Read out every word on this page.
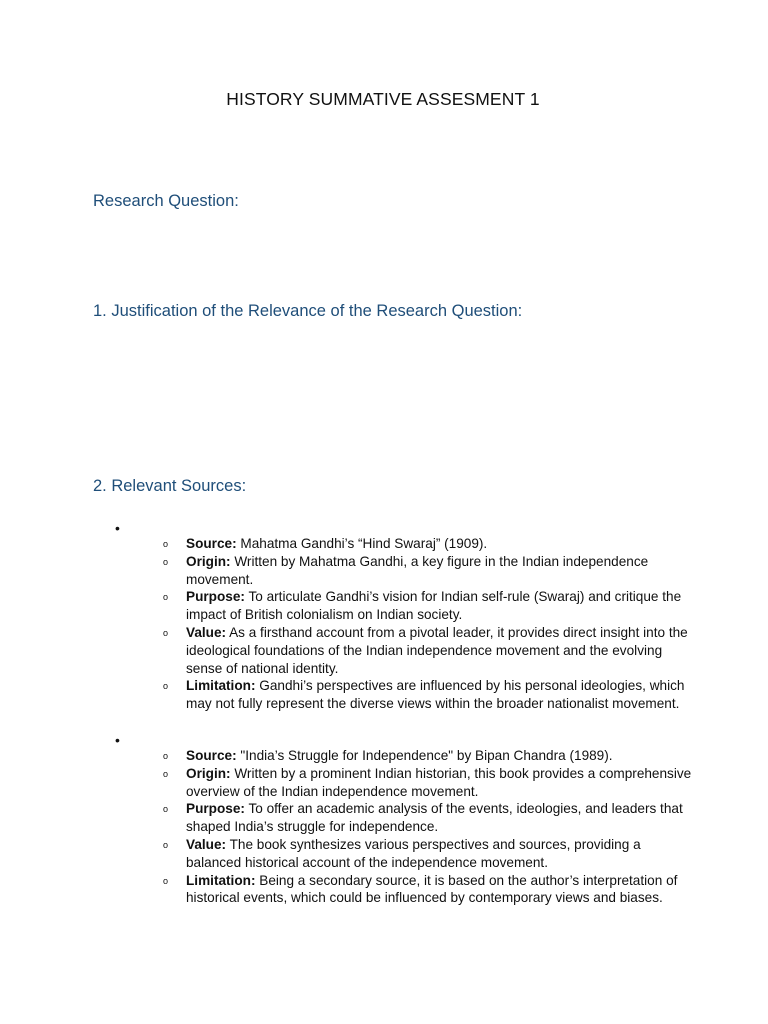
HISTORY SUMMATIVE ASSESMENT 1
Research Question:
1. Justification of the Relevance of the Research Question:
2. Relevant Sources:
•
o Source: Mahatma Gandhi’s “Hind Swaraj” (1909).
o Origin: Written by Mahatma Gandhi, a key figure in the Indian independence movement.
o Purpose: To articulate Gandhi’s vision for Indian self-rule (Swaraj) and critique the impact of British colonialism on Indian society.
o Value: As a firsthand account from a pivotal leader, it provides direct insight into the ideological foundations of the Indian independence movement and the evolving sense of national identity.
o Limitation: Gandhi’s perspectives are influenced by his personal ideologies, which may not fully represent the diverse views within the broader nationalist movement.
•
o Source: "India’s Struggle for Independence" by Bipan Chandra (1989).
o Origin: Written by a prominent Indian historian, this book provides a comprehensive overview of the Indian independence movement.
o Purpose: To offer an academic analysis of the events, ideologies, and leaders that shaped India’s struggle for independence.
o Value: The book synthesizes various perspectives and sources, providing a balanced historical account of the independence movement.
o Limitation: Being a secondary source, it is based on the author’s interpretation of historical events, which could be influenced by contemporary views and biases.
